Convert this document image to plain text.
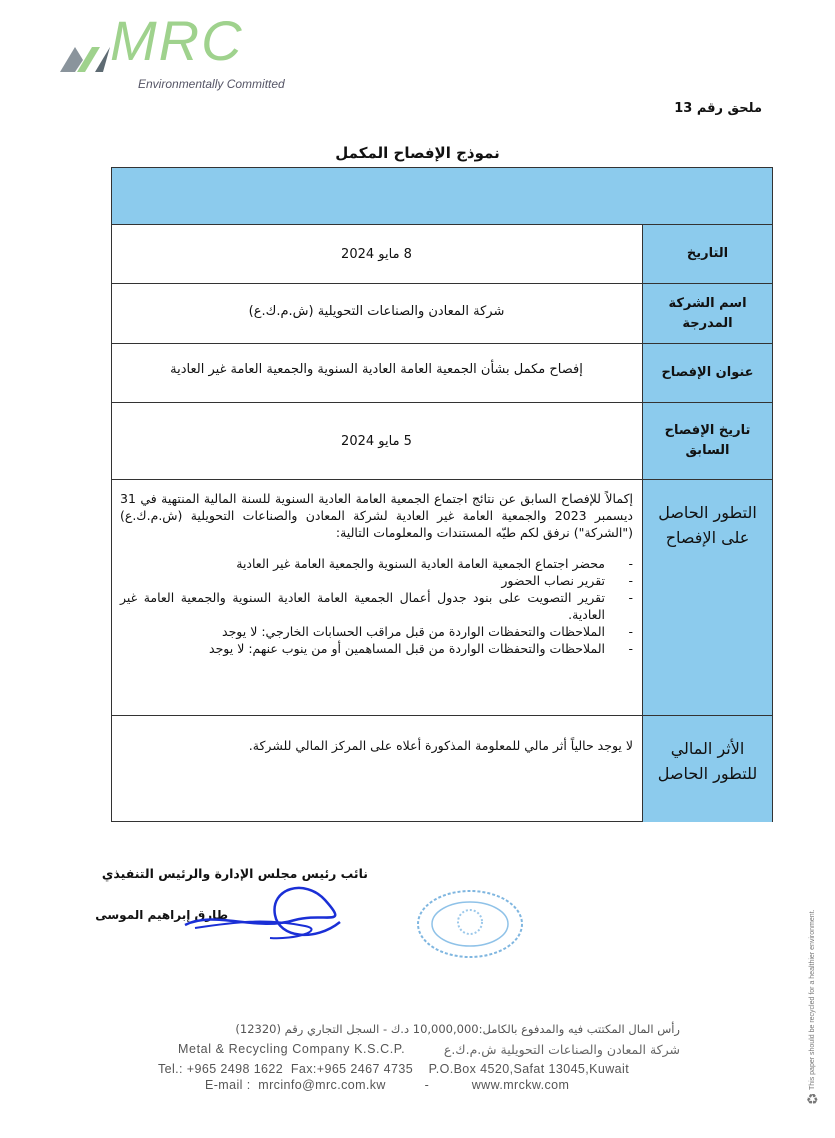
MRC
Environmentally Committed
ملحق رقم 13
نموذج الإفصاح المكمل
التاريخ
8 مايو 2024
اسم الشركة المدرجة
شركة المعادن والصناعات التحويلية (ش.م.ك.ع)
عنوان الإفصاح
إفصاح مكمل بشأن الجمعية العامة العادية السنوية والجمعية العامة غير العادية
تاريخ الإفصاح السابق
5 مايو 2024
التطور الحاصل على الإفصاح
إكمالاً للإفصاح السابق عن نتائج اجتماع الجمعية العامة العادية السنوية للسنة المالية المنتهية في 31 ديسمبر 2023 والجمعية العامة غير العادية لشركة المعادن والصناعات التحويلية (ش.م.ك.ع)("الشركة") نرفق لكم طيّه المستندات والمعلومات التالية:
- محضر اجتماع الجمعية العامة العادية السنوية والجمعية العامة غير العادية
- تقرير نصاب الحضور
- تقرير التصويت على بنود جدول أعمال الجمعية العامة العادية السنوية والجمعية العامة غير العادية.
- الملاحظات والتحفظات الواردة من قبل مراقب الحسابات الخارجي: لا يوجد
- الملاحظات والتحفظات الواردة من قبل المساهمين أو من ينوب عنهم: لا يوجد
الأثر المالي للتطور الحاصل
لا يوجد حالياً أثر مالي للمعلومة المذكورة أعلاه على المركز المالي للشركة.
نائب رئيس مجلس الإدارة والرئيس التنفيذي
طارق إبراهيم الموسى
رأس المال المكتتب فيه والمدفوع بالكامل:10,000,000 د.ك - السجل التجاري رقم (12320)
Metal & Recycling Company K.S.C.P.	شركة المعادن والصناعات التحويلية ش.م.ك.ع
Tel.: +965 2498 1622  Fax:+965 2467 4735    P.O.Box 4520,Safat 13045,Kuwait
E-mail :  mrcinfo@mrc.com.kw          -           www.mrckw.com	This paper should be recycled for a healthier environment.
♻
